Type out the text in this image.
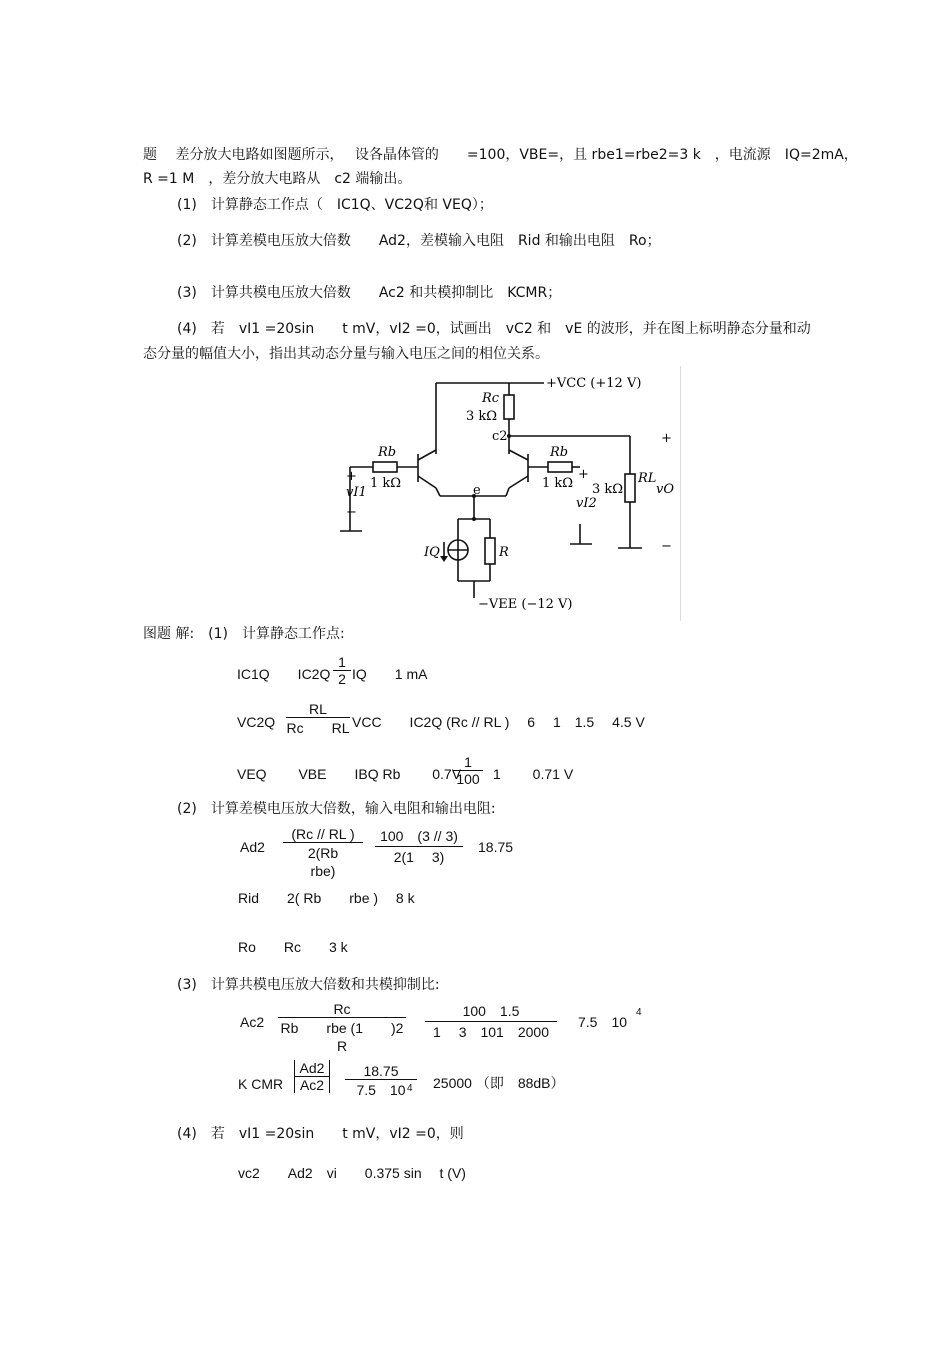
题　 差分放大电路如图题所示，　 设各晶体管的　　=100，VBE=，且 rbe1=rbe2=3 k　，电流源　IQ=2mA，
R =1 M　，差分放大电路从　c2 端输出。
(1)　计算静态工作点（　IC1Q、VC2Q和 VEQ）；
(2)　计算差模电压放大倍数　　Ad2，差模输入电阻　Rid 和输出电阻　Ro；
(3)　计算共模电压放大倍数　　Ac2 和共模抑制比　KCMR；
(4)　若　vI1 =20sin　　t mV，vI2 =0，试画出　vC2 和　vE 的波形，并在图上标明静态分量和动
态分量的幅值大小，指出其动态分量与输入电压之间的相位关系。
+VCC (+12 V)
Rc
3 kΩ
c2
Rb
1 kΩ
Rb
1 kΩ	RL
3 kΩ
vI1
vI2
vO
e
IQ	R
−VEE (−12 V)
+
−
+
+
−
图题 解:　(1)　计算静态工作点:
IC1Q　　$IC2Q \frac{1}{2}$ IQ　　1 mA
$VC2Q \frac{RL}{\text{Rc　　RL}}$ VCC　　IC2Q (Rc // RL )　 6　 1　1.5　 4.5 V
VEQ　　 VBE　　IBQ Rb　　 0.7V
$\frac{1}{100} 1$　　 0.71 V
(2)　计算差模电压放大倍数，输入电阻和输出电阻:
Ad2
(Rc // RL )
2(Rb　　rbe)
$\frac{100 (3 // 3)}{2(1 3)} 18.75$
Rid　　2( Rb　　rbe )　 8 k
Ro　　Rc　　3 k
(3)　计算共模电压放大倍数和共模抑制比:
Ac2
Rc
Rb　　rbe (1　　)2 R
$\frac{100 1.5}{1 3 101 2000} 7.5$　10
4
K CMR $\frac{Ad2}{Ac2} \frac{18.75}{7.5 10}$
4 25000 （即　88dB）
(4)　若　vI1 =20sin　　t mV，vI2 =0，则
vc2　　Ad2　vi　　0.375 sin　 t (V)
